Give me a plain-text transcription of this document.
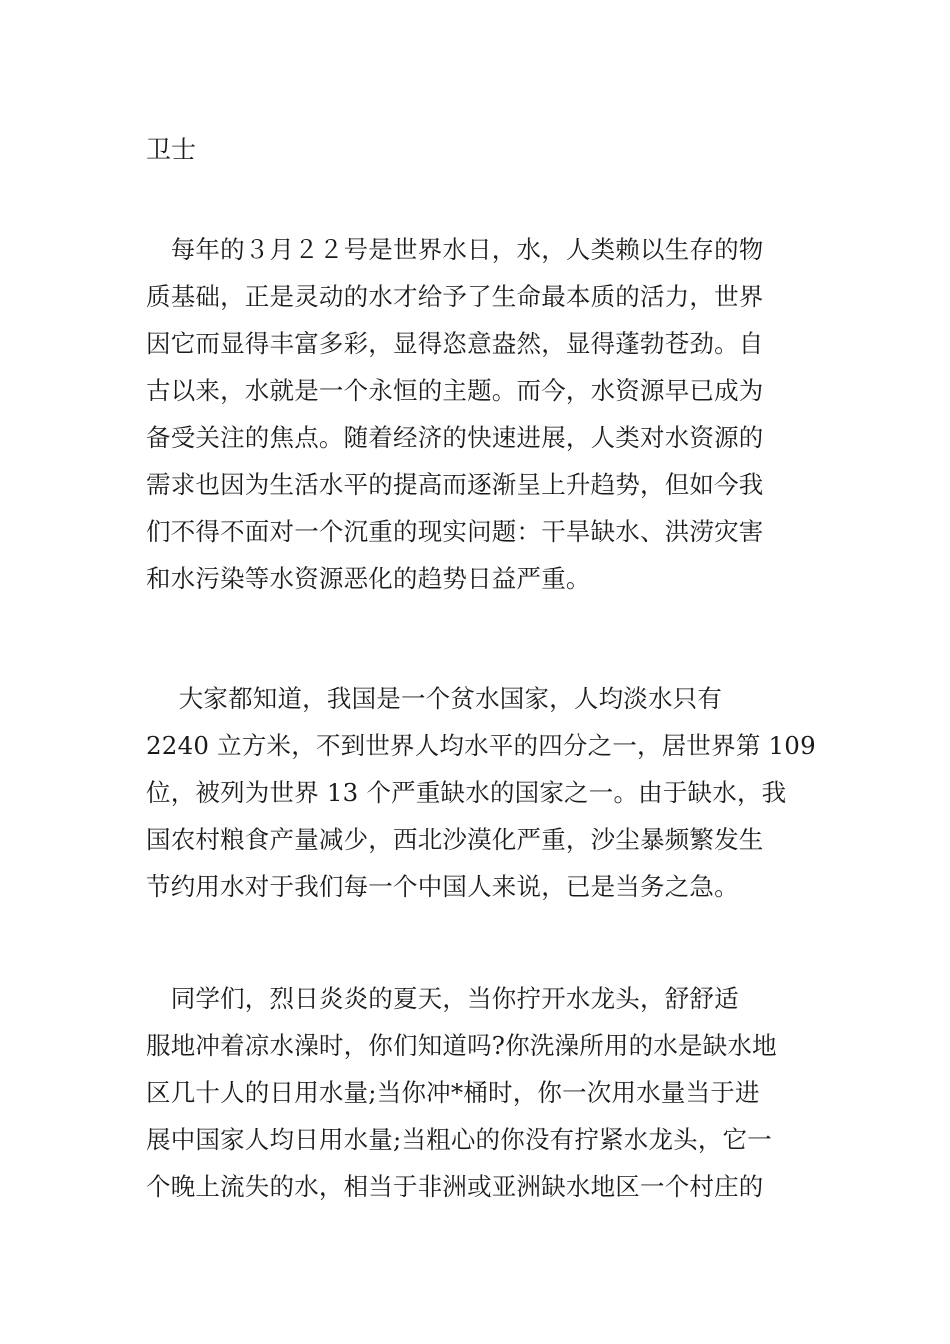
卫士
　每年的３月２２号是世界水日，水，人类赖以生存的物
质基础，正是灵动的水才给予了生命最本质的活力，世界
因它而显得丰富多彩，显得恣意盎然，显得蓬勃苍劲。自
古以来，水就是一个永恒的主题。而今，水资源早已成为
备受关注的焦点。随着经济的快速进展，人类对水资源的
需求也因为生活水平的提高而逐渐呈上升趋势，但如今我
们不得不面对一个沉重的现实问题：干旱缺水、洪涝灾害
和水污染等水资源恶化的趋势日益严重。
　 大家都知道，我国是一个贫水国家，人均淡水只有
2240 立方米，不到世界人均水平的四分之一，居世界第 109
位，被列为世界 13 个严重缺水的国家之一。由于缺水，我
国农村粮食产量减少，西北沙漠化严重，沙尘暴频繁发生
节约用水对于我们每一个中国人来说，已是当务之急。
　同学们，烈日炎炎的夏天，当你拧开水龙头，舒舒适
服地冲着凉水澡时，你们知道吗?你洗澡所用的水是缺水地
区几十人的日用水量;当你冲*桶时，你一次用水量当于进
展中国家人均日用水量;当粗心的你没有拧紧水龙头，它一
个晚上流失的水，相当于非洲或亚洲缺水地区一个村庄的
